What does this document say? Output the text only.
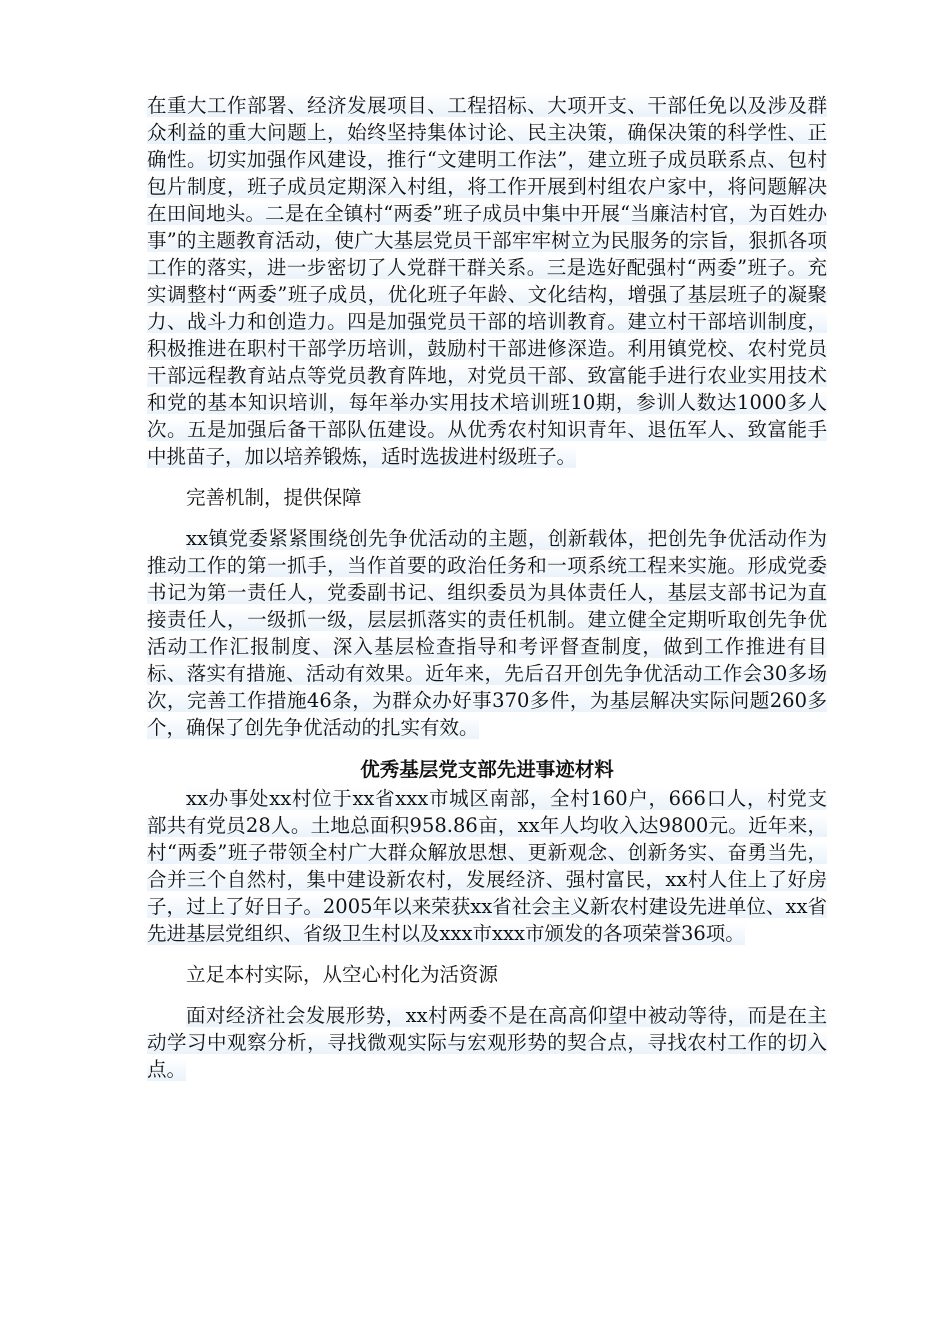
在重大工作部署、经济发展项目、工程招标、大项开支、干部任免以及涉及群众利益的重大问题上，始终坚持集体讨论、民主决策，确保决策的科学性、正确性。切实加强作风建设，推行“文建明工作法”，建立班子成员联系点、包村包片制度，班子成员定期深入村组，将工作开展到村组农户家中，将问题解决在田间地头。二是在全镇村“两委”班子成员中集中开展“当廉洁村官，为百姓办事”的主题教育活动，使广大基层党员干部牢牢树立为民服务的宗旨，狠抓各项工作的落实，进一步密切了人党群干群关系。三是选好配强村“两委”班子。充实调整村“两委”班子成员，优化班子年龄、文化结构，增强了基层班子的凝聚力、战斗力和创造力。四是加强党员干部的培训教育。建立村干部培训制度，积极推进在职村干部学历培训，鼓励村干部进修深造。利用镇党校、农村党员干部远程教育站点等党员教育阵地，对党员干部、致富能手进行农业实用技术和党的基本知识培训，每年举办实用技术培训班10期，参训人数达1000多人次。五是加强后备干部队伍建设。从优秀农村知识青年、退伍军人、致富能手中挑苗子，加以培养锻炼，适时选拔进村级班子。

完善机制，提供保障

xx镇党委紧紧围绕创先争优活动的主题，创新载体，把创先争优活动作为推动工作的第一抓手，当作首要的政治任务和一项系统工程来实施。形成党委书记为第一责任人，党委副书记、组织委员为具体责任人，基层支部书记为直接责任人，一级抓一级，层层抓落实的责任机制。建立健全定期听取创先争优活动工作汇报制度、深入基层检查指导和考评督查制度，做到工作推进有目标、落实有措施、活动有效果。近年来，先后召开创先争优活动工作会30多场次，完善工作措施46条，为群众办好事370多件，为基层解决实际问题260多个，确保了创先争优活动的扎实有效。

优秀基层党支部先进事迹材料

xx办事处xx村位于xx省xxx市城区南部，全村160户，666口人，村党支部共有党员28人。土地总面积958.86亩，xx年人均收入达9800元。近年来，村“两委”班子带领全村广大群众解放思想、更新观念、创新务实、奋勇当先，合并三个自然村，集中建设新农村，发展经济、强村富民，xx村人住上了好房子，过上了好日子。2005年以来荣获xx省社会主义新农村建设先进单位、xx省先进基层党组织、省级卫生村以及xxx市xxx市颁发的各项荣誉36项。

立足本村实际，从空心村化为活资源

面对经济社会发展形势，xx村两委不是在高高仰望中被动等待，而是在主动学习中观察分析，寻找微观实际与宏观形势的契合点，寻找农村工作的切入点。
